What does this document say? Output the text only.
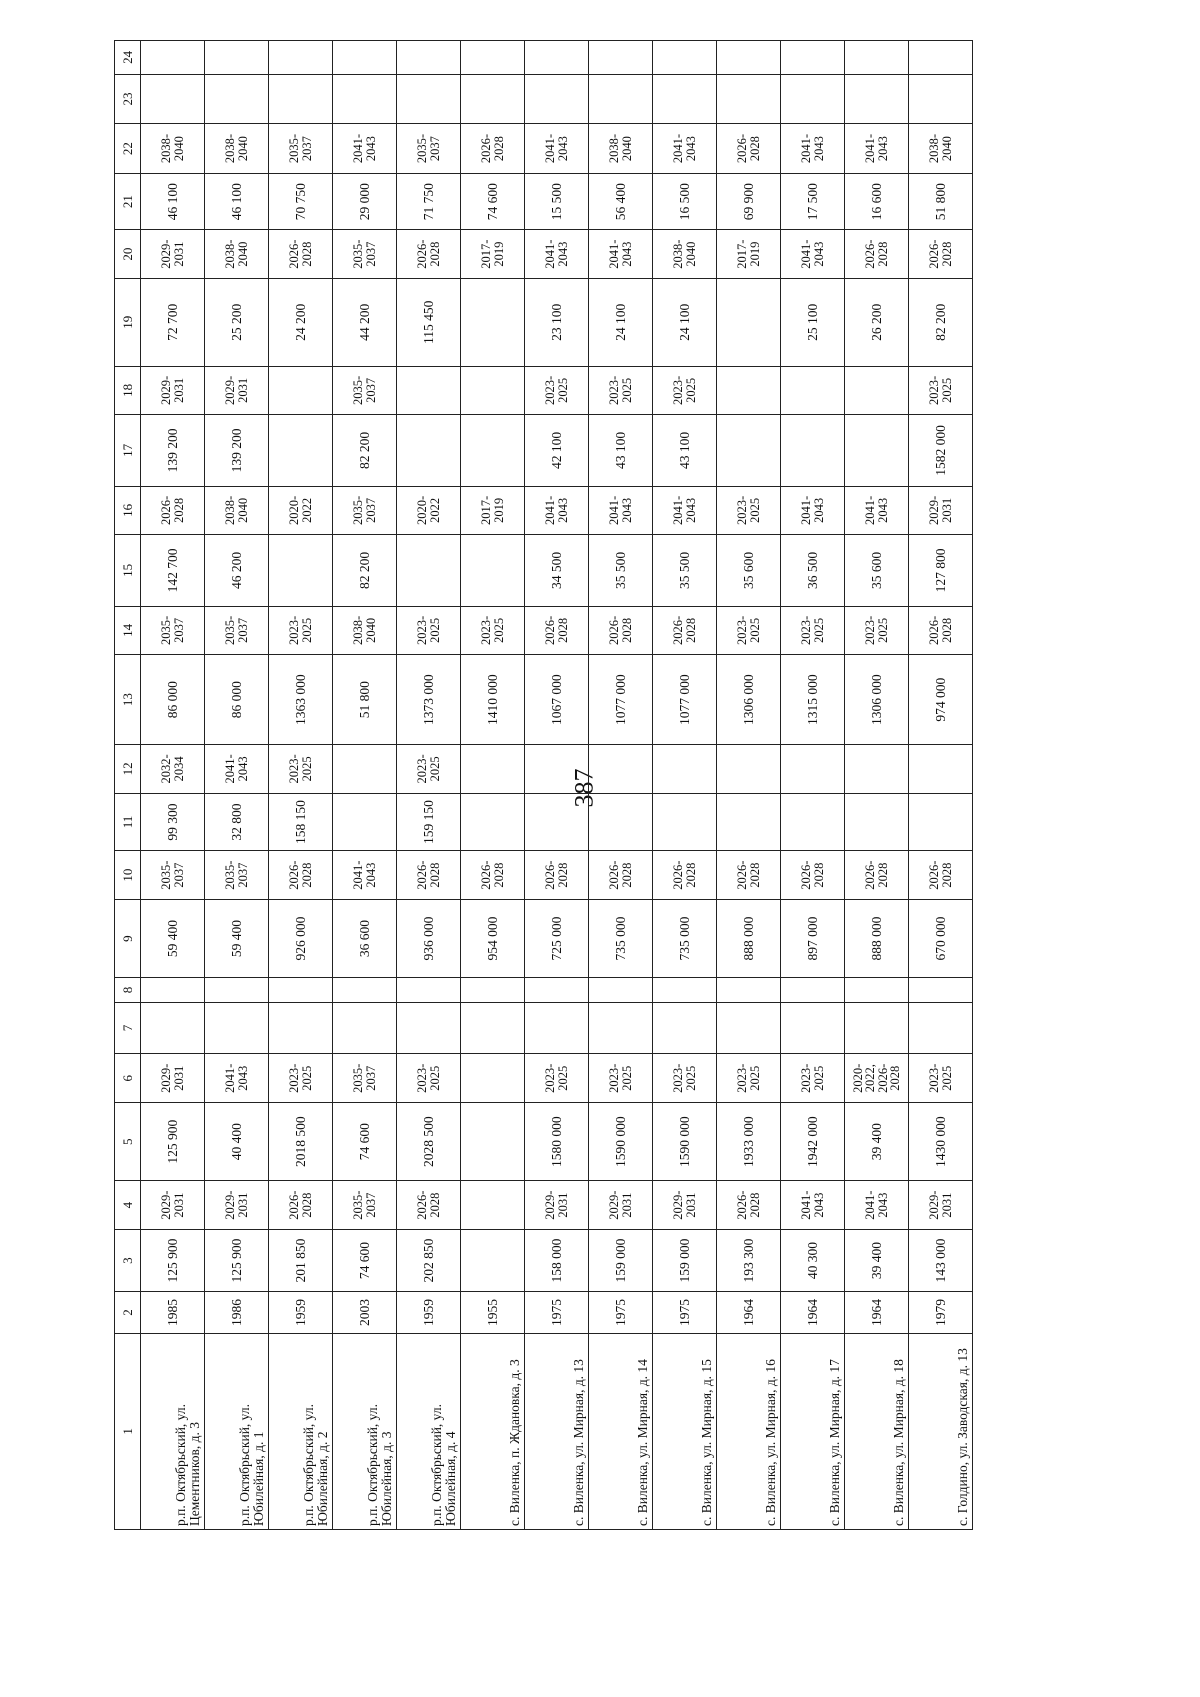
387
1	2	3	4	5	6	7	8	9	10	11	12	13	14	15	16	17	18	19	20	21	22	23	24
р.п. Октябрьский, ул. Цементников, д. 3	1985	125 900	2029-2031	125 900	2029-2031			59 400	2035-2037	99 300	2032-2034	86 000	2035-2037	142 700	2026-2028	139 200	2029-2031	72 700	2029-2031	46 100	2038-2040		
р.п. Октябрьский, ул. Юбилейная, д. 1	1986	125 900	2029-2031	40 400	2041-2043			59 400	2035-2037	32 800	2041-2043	86 000	2035-2037	46 200	2038-2040	139 200	2029-2031	25 200	2038-2040	46 100	2038-2040		
р.п. Октябрьский, ул. Юбилейная, д. 2	1959	201 850	2026-2028	2018 500	2023-2025			926 000	2026-2028	158 150	2023-2025	1363 000	2023-2025		2020-2022			24 200	2026-2028	70 750	2035-2037		
р.п. Октябрьский, ул. Юбилейная, д. 3	2003	74 600	2035-2037	74 600	2035-2037			36 600	2041-2043			51 800	2038-2040	82 200	2035-2037	82 200	2035-2037	44 200	2035-2037	29 000	2041-2043		
р.п. Октябрьский, ул. Юбилейная, д. 4	1959	202 850	2026-2028	2028 500	2023-2025			936 000	2026-2028	159 150	2023-2025	1373 000	2023-2025		2020-2022			115 450	2026-2028	71 750	2035-2037		
с. Виленка, п. Ждановка, д. 3	1955							954 000	2026-2028			1410 000	2023-2025		2017-2019				2017-2019	74 600	2026-2028		
с. Виленка, ул. Мирная, д. 13	1975	158 000	2029-2031	1580 000	2023-2025			725 000	2026-2028			1067 000	2026-2028	34 500	2041-2043	42 100	2023-2025	23 100	2041-2043	15 500	2041-2043		
с. Виленка, ул. Мирная, д. 14	1975	159 000	2029-2031	1590 000	2023-2025			735 000	2026-2028			1077 000	2026-2028	35 500	2041-2043	43 100	2023-2025	24 100	2041-2043	56 400	2038-2040		
с. Виленка, ул. Мирная, д. 15	1975	159 000	2029-2031	1590 000	2023-2025			735 000	2026-2028			1077 000	2026-2028	35 500	2041-2043	43 100	2023-2025	24 100	2038-2040	16 500	2041-2043		
с. Виленка, ул. Мирная, д. 16	1964	193 300	2026-2028	1933 000	2023-2025			888 000	2026-2028			1306 000	2023-2025	35 600	2023-2025				2017-2019	69 900	2026-2028		
с. Виленка, ул. Мирная, д. 17	1964	40 300	2041-2043	1942 000	2023-2025			897 000	2026-2028			1315 000	2023-2025	36 500	2041-2043			25 100	2041-2043	17 500	2041-2043		
с. Виленка, ул. Мирная, д. 18	1964	39 400	2041-2043	39 400	2020-2022, 2026-2028			888 000	2026-2028			1306 000	2023-2025	35 600	2041-2043			26 200	2026-2028	16 600	2041-2043		
с. Голдино, ул. Заводская, д. 13	1979	143 000	2029-2031	1430 000	2023-2025			670 000	2026-2028			974 000	2026-2028	127 800	2029-2031	1582 000	2023-2025	82 200	2026-2028	51 800	2038-2040		
